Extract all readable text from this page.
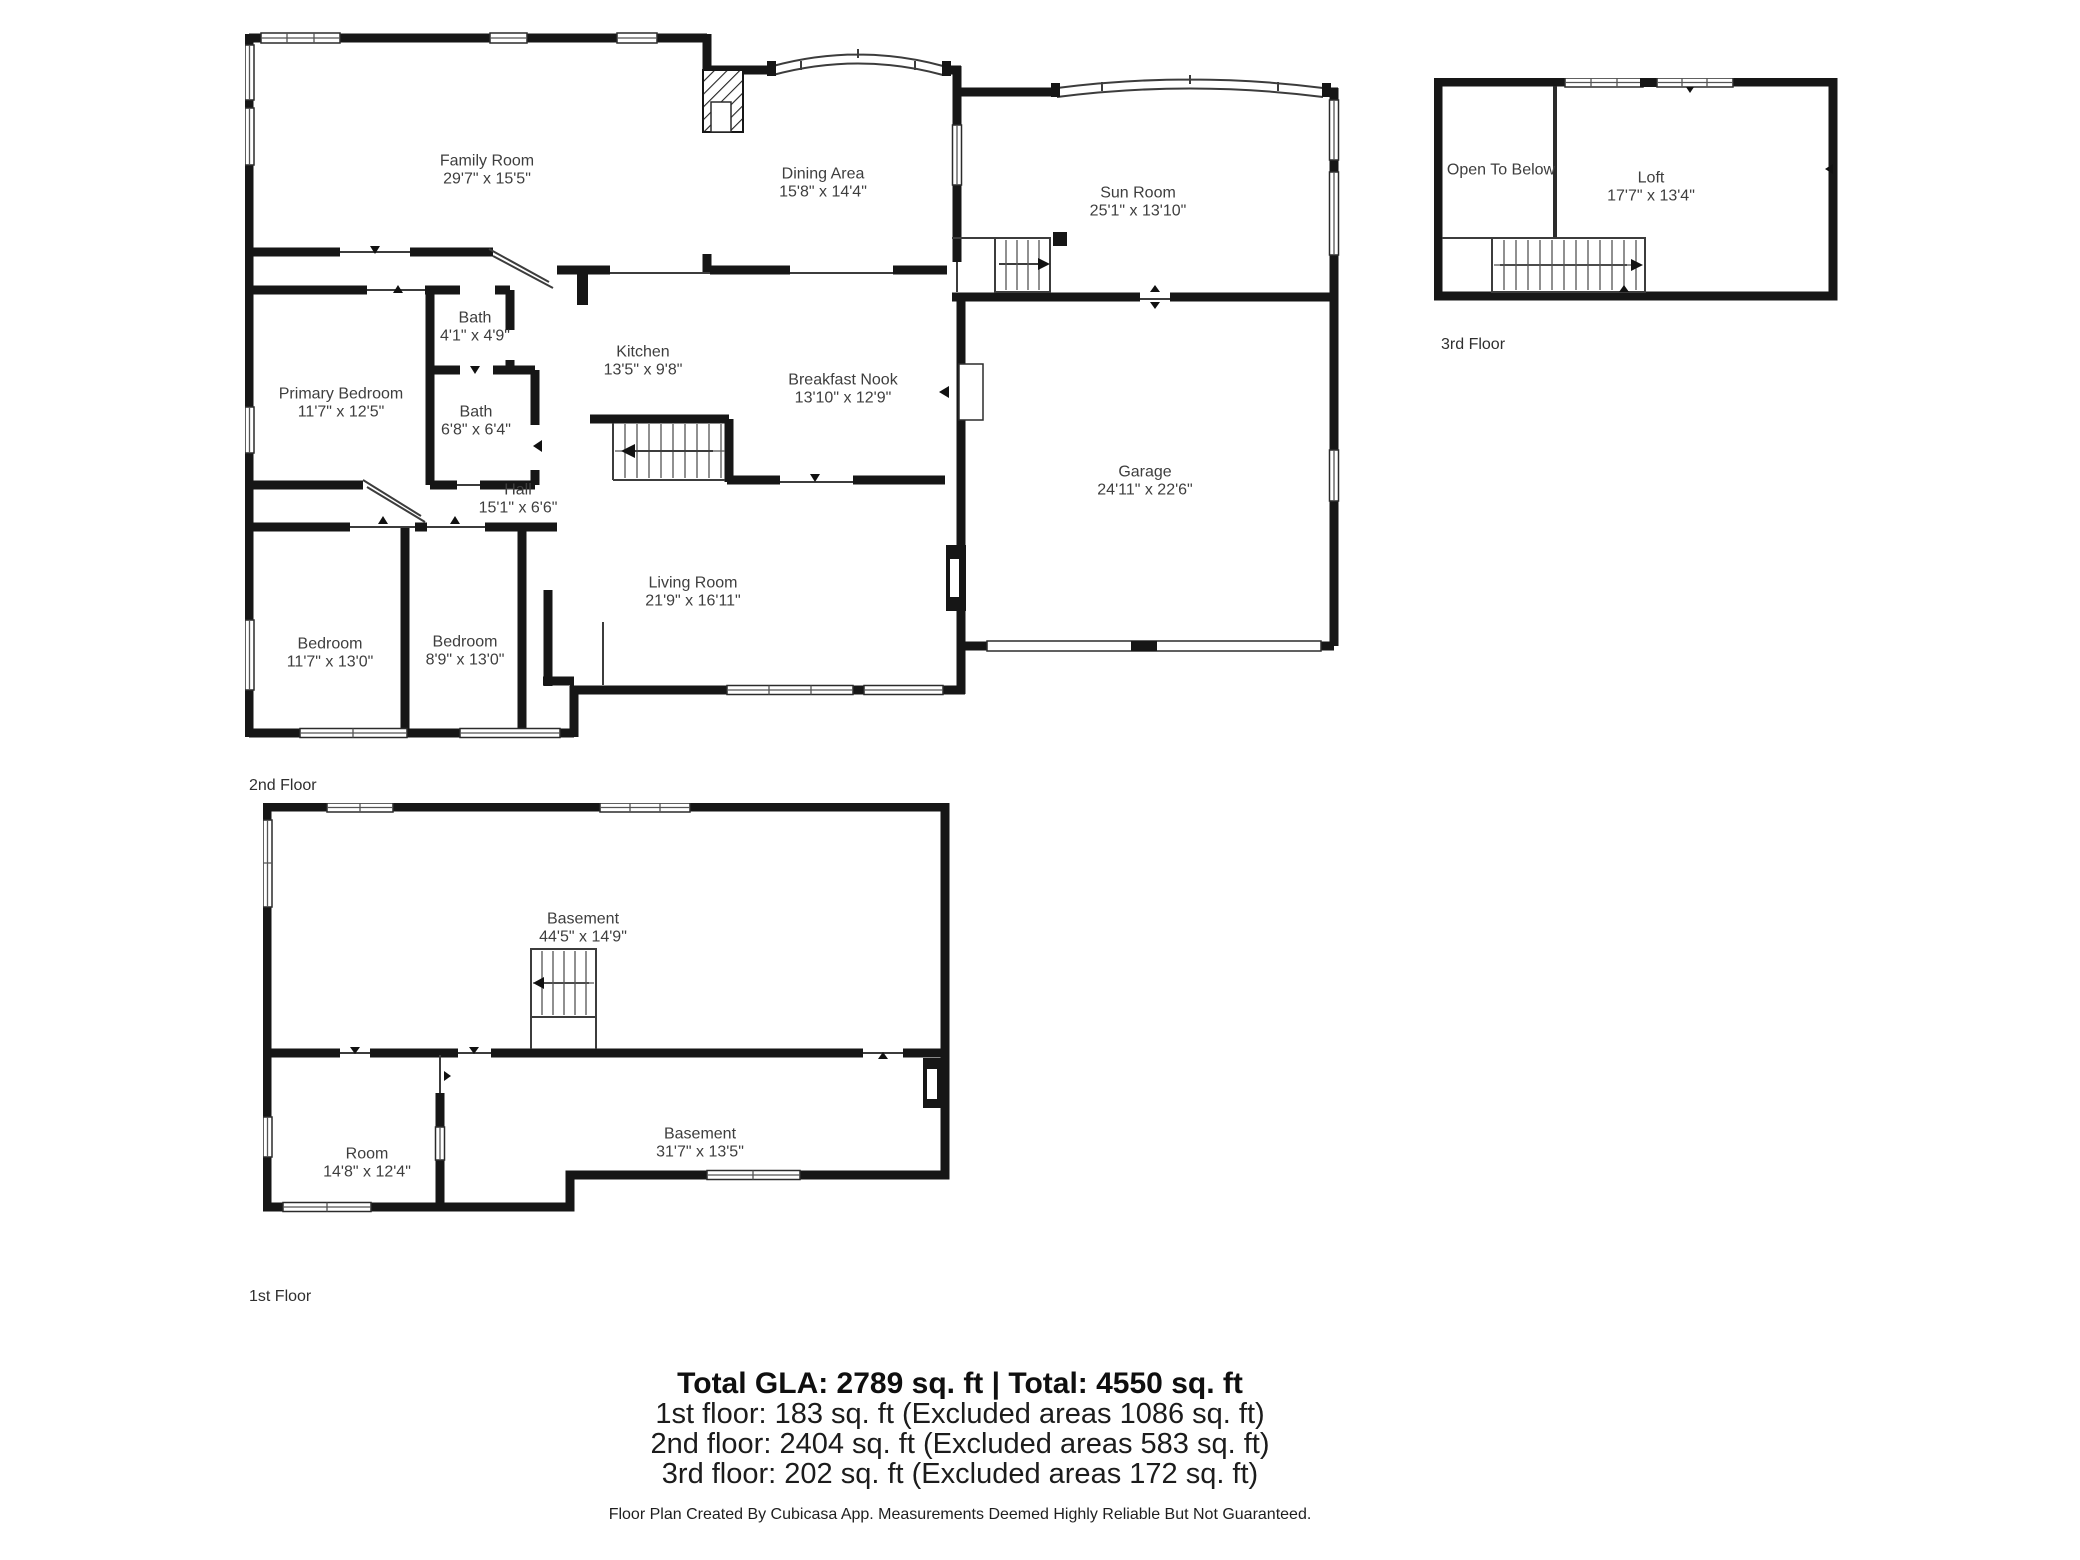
Family Room
29'7" x 15'5"	Dining Area
15'8" x 14'4"	Sun Room
25'1" x 13'10"
Bath
4'1" x 4'9"
Kitchen
13'5" x 9'8"
Breakfast Nook
13'10" x 12'9"
Primary Bedroom
11'7" x 12'5"	Bath
6'8" x 6'4"
Hall
15'1" x 6'6"
Garage
24'11" x 22'6"
Living Room
21'9" x 16'11"
Bedroom
11'7" x 13'0"
Bedroom
8'9" x 13'0"
Open To Below	Loft
17'7" x 13'4"
Basement
44'5" x 14'9"
Room
14'8" x 12'4"
Basement
31'7" x 13'5"
2nd Floor
3rd Floor
1st Floor
Total GLA: 2789 sq. ft | Total: 4550 sq. ft
1st floor: 183 sq. ft (Excluded areas 1086 sq. ft)
2nd floor: 2404 sq. ft (Excluded areas 583 sq. ft)
3rd floor: 202 sq. ft (Excluded areas 172 sq. ft)
Floor Plan Created By Cubicasa App. Measurements Deemed Highly Reliable But Not Guaranteed.
